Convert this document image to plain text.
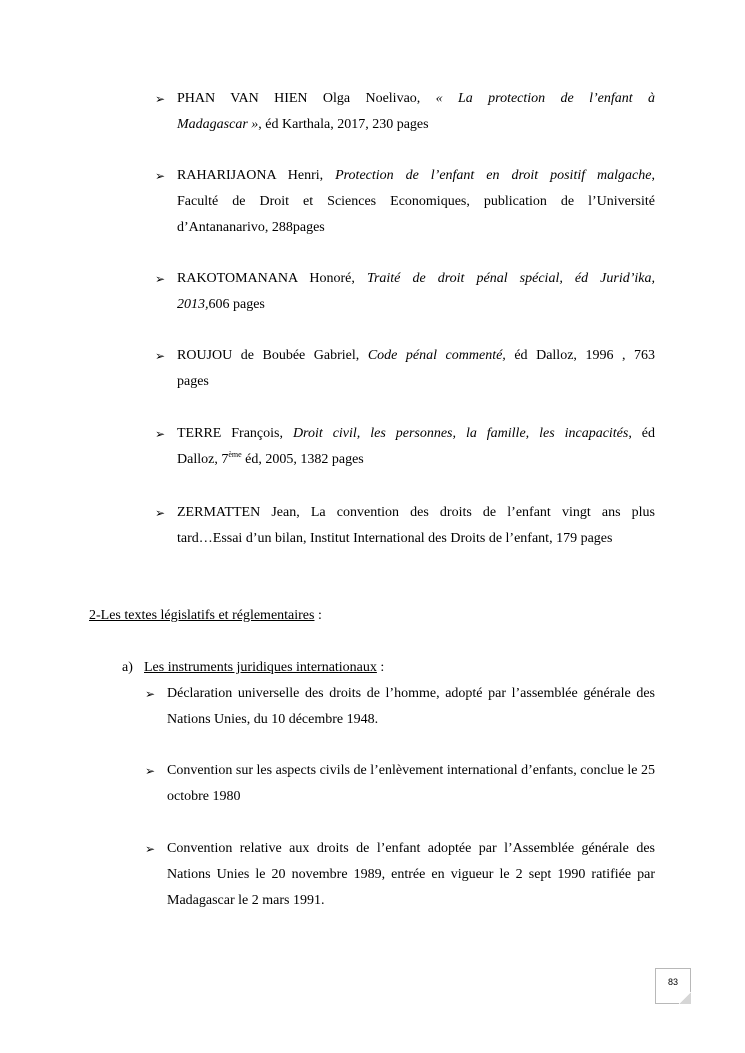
➢ PHAN VAN HIEN Olga Noelivao, « La protection de l’enfant à
Madagascar », éd Karthala, 2017, 230 pages
➢ RAHARIJAONA Henri, Protection de l’enfant en droit positif malgache,
Faculté de Droit et Sciences Economiques, publication de l’Université d’Antananarivo, 288pages
➢ RAKOTOMANANA Honoré, Traité de droit pénal spécial, éd Jurid’ika,
2013,606 pages
➢ ROUJOU de Boubée Gabriel, Code pénal commenté, éd Dalloz, 1996 , 763
pages
➢ TERRE François, Droit civil, les personnes, la famille, les incapacités, éd
Dalloz, 7ème éd, 2005, 1382 pages
➢ ZERMATTEN Jean, La convention des droits de l’enfant vingt ans plus
tard…Essai d’un bilan, Institut International des Droits de l’enfant, 179 pages
2-Les textes législatifs et réglementaires :
a) Les instruments juridiques internationaux :
➢ Déclaration universelle des droits de l’homme, adopté par l’assemblée générale des Nations Unies, du 10 décembre 1948.
➢ Convention sur les aspects civils de l’enlèvement international d’enfants, conclue le 25 octobre 1980
➢ Convention relative aux droits de l’enfant adoptée par l’Assemblée générale des Nations Unies le 20 novembre 1989, entrée en vigueur le 2 sept 1990 ratifiée par Madagascar le 2 mars 1991.
83
